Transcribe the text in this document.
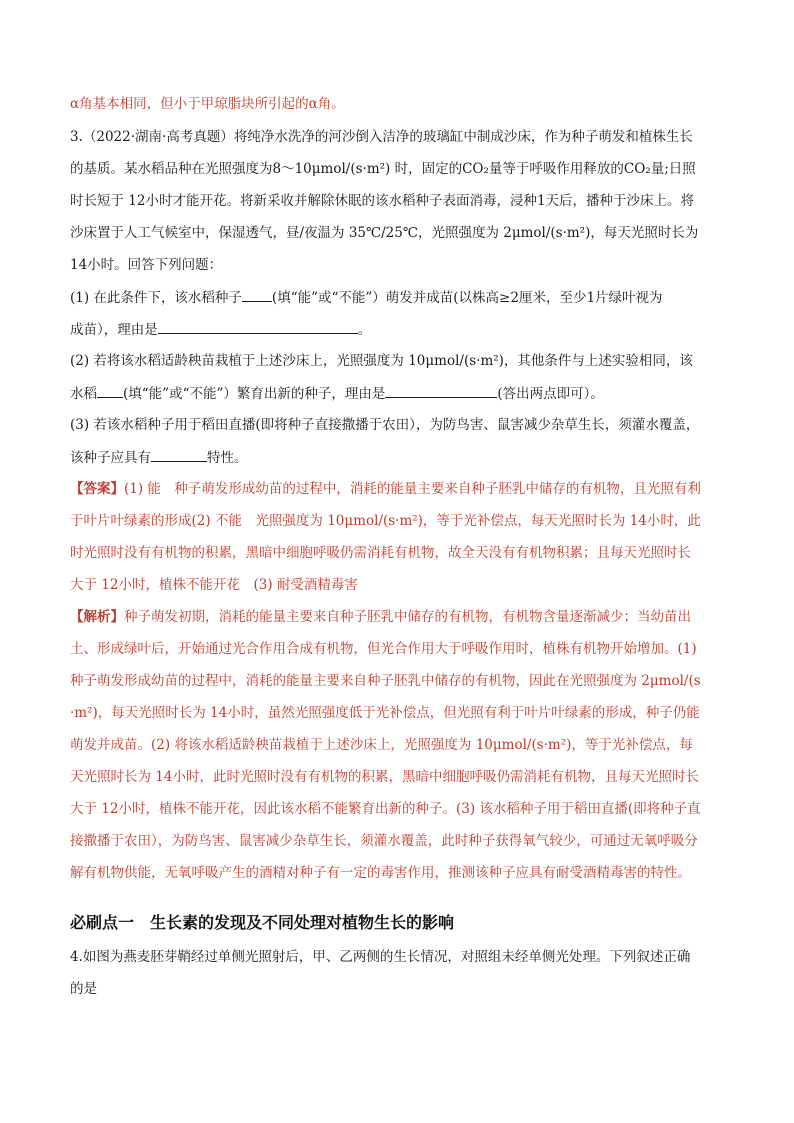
α角基本相同，但小于甲琼脂块所引起的α角。
3.（2022·湖南·高考真题）将纯净水洗净的河沙倒入洁净的玻璃缸中制成沙床，作为种子萌发和植株生长
的基质。某水稻品种在光照强度为8～10μmol/(s·m²) 时，固定的CO₂量等于呼吸作用释放的CO₂量;日照
时长短于 12小时才能开花。将新采收并解除休眠的该水稻种子表面消毒，浸种1天后，播种于沙床上。将
沙床置于人工气候室中，保湿透气，昼/夜温为 35℃/25℃，光照强度为 2μmol/(s·m²)，每天光照时长为
14小时。回答下列问题：
(1) 在此条件下，该水稻种子 (填“能”或“不能”）萌发并成苗(以株高≥2厘米，至少1片绿叶视为
成苗），理由是	。
(2) 若将该水稻适龄秧苗栽植于上述沙床上，光照强度为 10μmol/(s·m²)，其他条件与上述实验相同，该
水稻 (填“能”或“不能”）繁育出新的种子，理由是	(答出两点即可）。
(3) 若该水稻种子用于稻田直播(即将种子直接撒播于农田），为防鸟害、鼠害减少杂草生长，须灌水覆盖，
该种子应具有	特性。
【答案】(1) 能　种子萌发形成幼苗的过程中，消耗的能量主要来自种子胚乳中储存的有机物，且光照有利
于叶片叶绿素的形成(2) 不能　光照强度为 10μmol/(s·m²)，等于光补偿点，每天光照时长为 14小时，此
时光照时没有有机物的积累，黑暗中细胞呼吸仍需消耗有机物，故全天没有有机物积累；且每天光照时长
大于 12小时，植株不能开花　(3) 耐受酒精毒害
【解析】种子萌发初期，消耗的能量主要来自种子胚乳中储存的有机物，有机物含量逐渐减少；当幼苗出
土、形成绿叶后，开始通过光合作用合成有机物，但光合作用大于呼吸作用时，植株有机物开始增加。(1)
种子萌发形成幼苗的过程中，消耗的能量主要来自种子胚乳中储存的有机物，因此在光照强度为 2μmol/(s
·m²)，每天光照时长为 14小时，虽然光照强度低于光补偿点，但光照有利于叶片叶绿素的形成，种子仍能
萌发并成苗。(2) 将该水稻适龄秧苗栽植于上述沙床上，光照强度为 10μmol/(s·m²)，等于光补偿点，每
天光照时长为 14小时，此时光照时没有有机物的积累，黑暗中细胞呼吸仍需消耗有机物，且每天光照时长
大于 12小时，植株不能开花，因此该水稻不能繁育出新的种子。(3) 该水稻种子用于稻田直播(即将种子直
接撒播于农田），为防鸟害、鼠害减少杂草生长，须灌水覆盖，此时种子获得氧气较少，可通过无氧呼吸分
解有机物供能，无氧呼吸产生的酒精对种子有一定的毒害作用，推测该种子应具有耐受酒精毒害的特性。
必刷点一　生长素的发现及不同处理对植物生长的影响
4.如图为燕麦胚芽鞘经过单侧光照射后，甲、乙两侧的生长情况，对照组未经单侧光处理。下列叙述正确
的是
